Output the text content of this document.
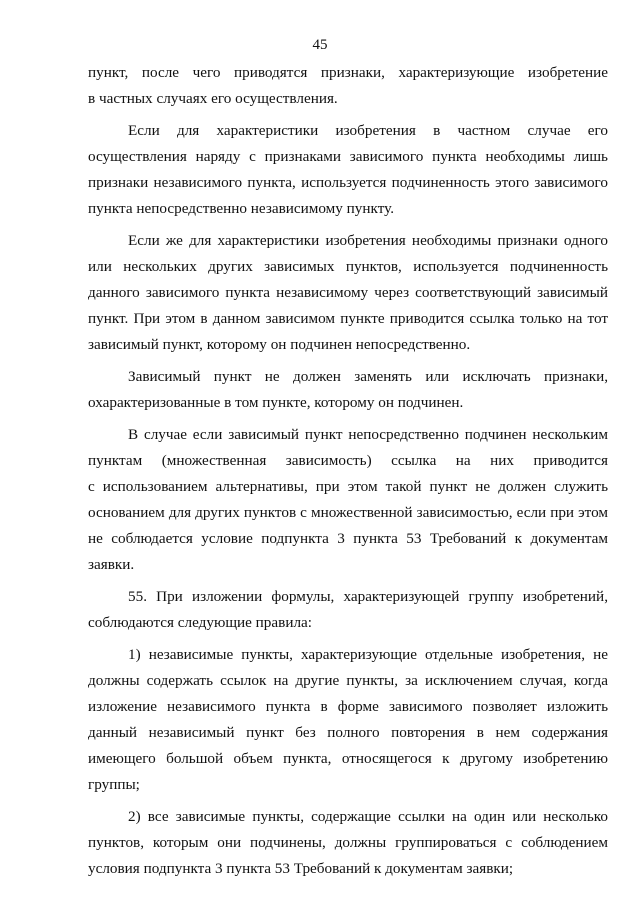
45

пункт, после чего приводятся признаки, характеризующие изобретение
в частных случаях его осуществления.

Если для характеристики изобретения в частном случае его
осуществления наряду с признаками зависимого пункта необходимы лишь
признаки независимого пункта, используется подчиненность этого зависимого
пункта непосредственно независимому пункту.

Если же для характеристики изобретения необходимы признаки одного
или нескольких других зависимых пунктов, используется подчиненность
данного зависимого пункта независимому через соответствующий зависимый
пункт. При этом в данном зависимом пункте приводится ссылка только на тот
зависимый пункт, которому он подчинен непосредственно.

Зависимый пункт не должен заменять или исключать признаки,
охарактеризованные в том пункте, которому он подчинен.

В случае если зависимый пункт непосредственно подчинен нескольким
пунктам (множественная зависимость) ссылка на них приводится
с использованием альтернативы, при этом такой пункт не должен служить
основанием для других пунктов с множественной зависимостью, если при этом
не соблюдается условие подпункта 3 пункта 53 Требований к документам
заявки.

55. При изложении формулы, характеризующей группу изобретений,
соблюдаются следующие правила:

1) независимые пункты, характеризующие отдельные изобретения, не
должны содержать ссылок на другие пункты, за исключением случая, когда
изложение независимого пункта в форме зависимого позволяет изложить
данный независимый пункт без полного повторения в нем содержания
имеющего большой объем пункта, относящегося к другому изобретению
группы;

2) все зависимые пункты, содержащие ссылки на один или несколько
пунктов, которым они подчинены, должны группироваться с соблюдением
условия подпункта 3 пункта 53 Требований к документам заявки;
